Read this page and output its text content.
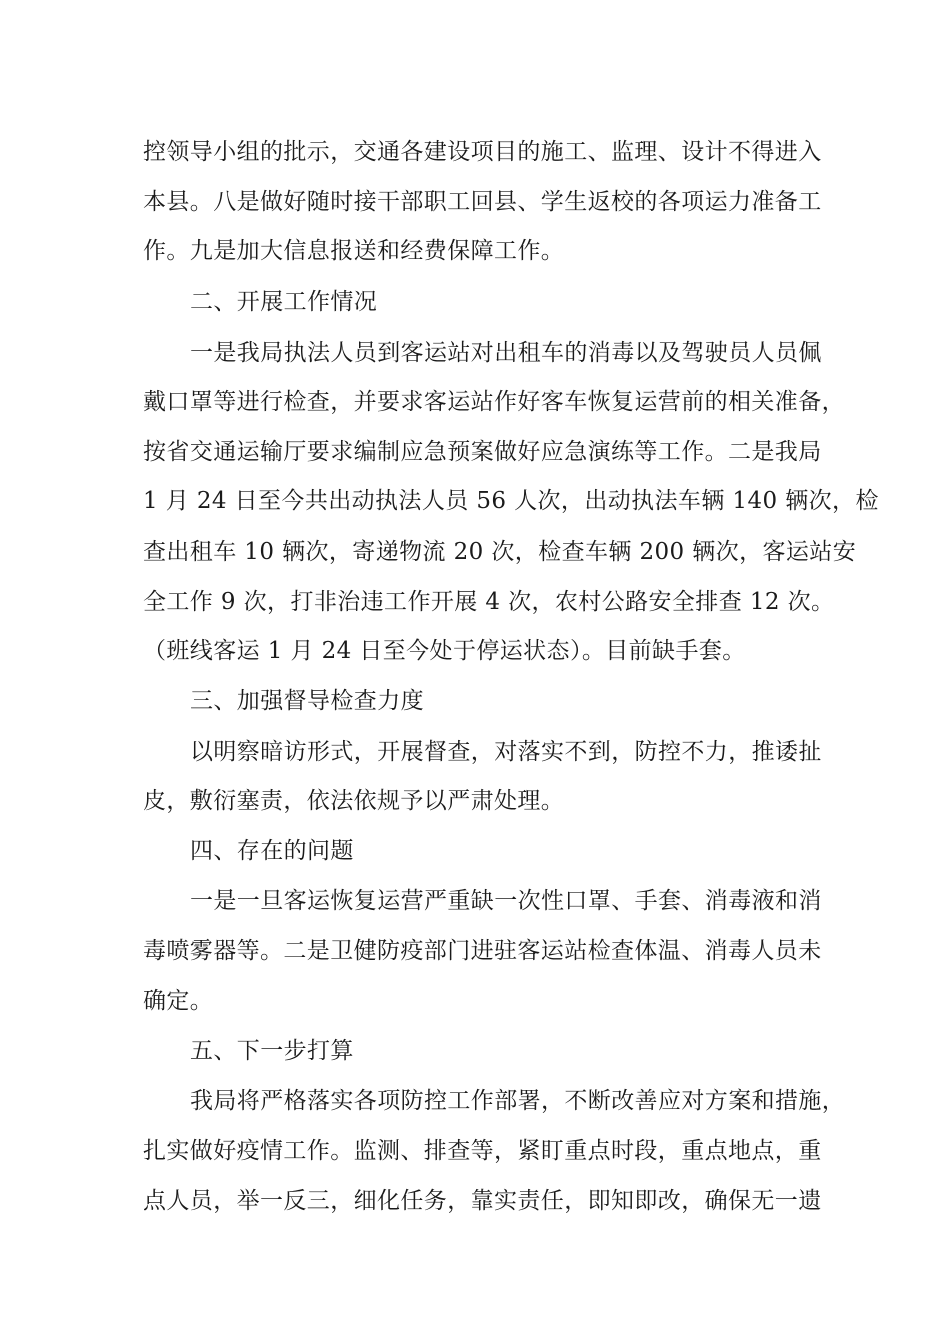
控领导小组的批示，交通各建设项目的施工、监理、设计不得进入
本县。八是做好随时接干部职工回县、学生返校的各项运力准备工
作。九是加大信息报送和经费保障工作。
二、开展工作情况
一是我局执法人员到客运站对出租车的消毒以及驾驶员人员佩
戴口罩等进行检查，并要求客运站作好客车恢复运营前的相关准备，
按省交通运输厅要求编制应急预案做好应急演练等工作。二是我局
1 月 24 日至今共出动执法人员 56 人次，出动执法车辆 140 辆次，检
查出租车 10 辆次，寄递物流 20 次，检查车辆 200 辆次，客运站安
全工作 9 次，打非治违工作开展 4 次，农村公路安全排查 12 次。
（班线客运 1 月 24 日至今处于停运状态）。目前缺手套。
三、加强督导检查力度
以明察暗访形式，开展督查，对落实不到，防控不力，推诿扯
皮，敷衍塞责，依法依规予以严肃处理。
四、存在的问题
一是一旦客运恢复运营严重缺一次性口罩、手套、消毒液和消
毒喷雾器等。二是卫健防疫部门进驻客运站检查体温、消毒人员未
确定。
五、下一步打算
我局将严格落实各项防控工作部署，不断改善应对方案和措施，
扎实做好疫情工作。监测、排查等，紧盯重点时段，重点地点，重
点人员，举一反三，细化任务，靠实责任，即知即改，确保无一遗
